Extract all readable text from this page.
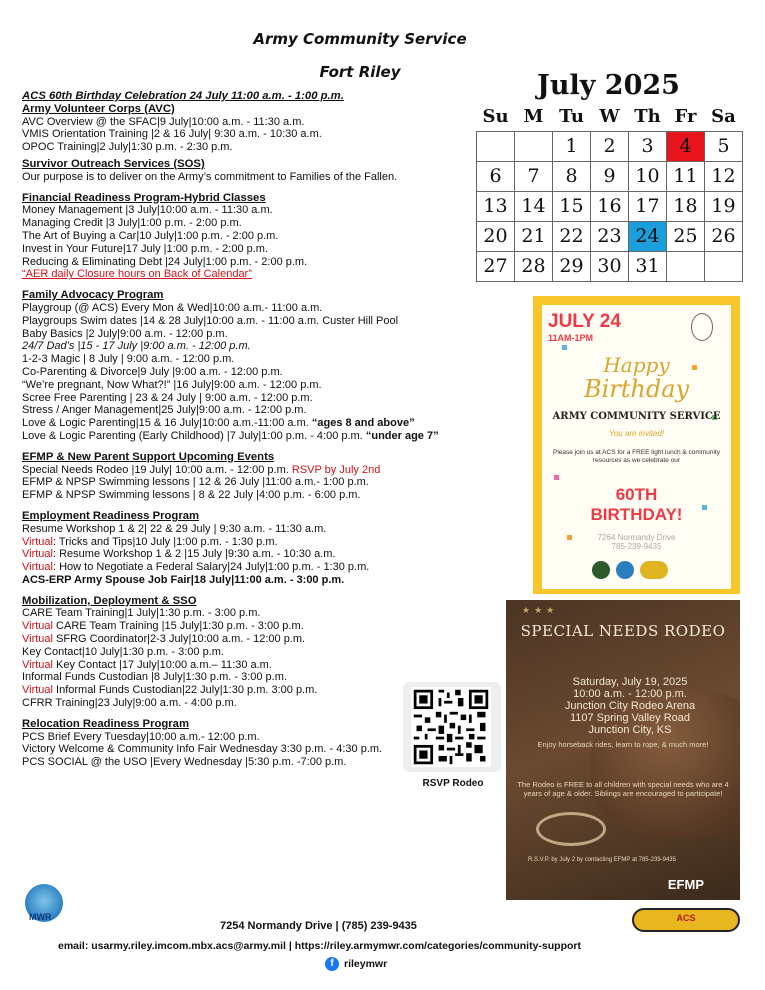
Army Community Service
Fort Riley
ACS 60th Birthday Celebration 24 July 11:00 a.m. - 1:00 p.m.
Army Volunteer Corps (AVC)
AVC Overview @ the SFAC|9 July|10:00 a.m. - 11:30 a.m.
VMIS Orientation Training |2 & 16 July| 9:30 a.m. - 10:30 a.m.
OPOC Training|2 July|1:30 p.m. - 2:30 p.m.
Survivor Outreach Services (SOS)
Our purpose is to deliver on the Army’s commitment to Families of the Fallen.
Financial Readiness Program-Hybrid Classes
Money Management |3 July|10:00 a.m. - 11:30 a.m.
Managing Credit |3 July|1:00 p.m. - 2:00 p.m.
The Art of Buying a Car|10 July|1:00 p.m. - 2:00 p.m.
Invest in Your Future|17 July |1:00 p.m. - 2:00 p.m.
Reducing & Eliminating Debt |24 July|1:00 p.m. - 2:00 p.m.
“AER daily Closure hours on Back of Calendar”
Family Advocacy Program
Playgroup (@ ACS) Every Mon & Wed|10:00 a.m.- 11:00 a.m.
Playgroups Swim dates |14 & 28 July|10:00 a.m. - 11:00 a.m. Custer Hill Pool
Baby Basics |2 July|9:00 a.m. - 12:00 p.m.
24/7 Dad’s |15 - 17 July |9:00 a.m. - 12:00 p.m.
1-2-3 Magic | 8 July | 9:00 a.m. - 12:00 p.m.
Co-Parenting & Divorce|9 July |9:00 a.m. - 12:00 p.m.
“We’re pregnant, Now What?!” |16 July|9:00 a.m. - 12:00 p.m.
Scree Free Parenting | 23 & 24 July | 9:00 a.m. - 12:00 p.m.
Stress / Anger Management|25 July|9:00 a.m. - 12:00 p.m.
Love & Logic Parenting|15 & 16 July|10:00 a.m.-11:00 a.m. “ages 8 and above”
Love & Logic Parenting (Early Childhood) |7 July|1:00 p.m. - 4:00 p.m. “under age 7”
EFMP & New Parent Support Upcoming Events
Special Needs Rodeo |19 July| 10:00 a.m. - 12:00 p.m. RSVP by July 2nd
EFMP & NPSP Swimming lessons | 12 & 26 July |11:00 a.m.- 1:00 p.m.
EFMP & NPSP Swimming lessons | 8 & 22 July |4:00 p.m. - 6:00 p.m.
Employment Readiness Program
Resume Workshop 1 & 2| 22 & 29 July | 9:30 a.m. - 11:30 a.m.
Virtual: Tricks and Tips|10 July |1:00 p.m. - 1:30 p.m.
Virtual: Resume Workshop 1 & 2 |15 July |9:30 a.m. - 10:30 a.m.
Virtual: How to Negotiate a Federal Salary|24 July|1:00 p.m. - 1:30 p.m.
ACS-ERP Army Spouse Job Fair|18 July|11:00 a.m. - 3:00 p.m.
Mobilization, Deployment & SSO
CARE Team Training|1 July|1:30 p.m. - 3:00 p.m.
Virtual CARE Team Training |15 July|1:30 p.m. - 3:00 p.m.
Virtual SFRG Coordinator|2-3 July|10:00 a.m. - 12:00 p.m.
Key Contact|10 July|1:30 p.m. - 3:00 p.m.
Virtual Key Contact |17 July|10:00 a.m.– 11:30 a.m.
Informal Funds Custodian |8 July|1:30 p.m. - 3:00 p.m.
Virtual Informal Funds Custodian|22 July|1:30 p.m. 3:00 p.m.
CFRR Training|23 July|9:00 a.m. - 4:00 p.m.
Relocation Readiness Program
PCS Brief Every Tuesday|10:00 a.m.- 12:00 p.m.
Victory Welcome & Community Info Fair Wednesday 3:30 p.m. - 4:30 p.m.
PCS SOCIAL @ the USO |Every Wednesday |5:30 p.m. -7:00 p.m.
July 2025
Su	M	Tu	W	Th	Fr	Sa
		1	2	3	4	5
6	7	8	9	10	11	12
13	14	15	16	17	18	19
20	21	22	23	24	25	26
27	28	29	30	31		
JULY 24
11AM-1PM
Happy
Birthday
ARMY COMMUNITY SERVICE
You are invited!
Please join us at ACS for a FREE light lunch & community resources as we celebrate our
60TH
BIRTHDAY!
7264 Normandy Drive
785-239-9435
★★★
SPECIAL NEEDS RODEO
Saturday, July 19, 2025
10:00 a.m. - 12:00 p.m.
Junction City Rodeo Arena
1107 Spring Valley Road
Junction City, KS
Enjoy horseback rides, learn to rope, & much more!
The Rodeo is FREE to all children with special needs who are 4 years of age & older. Siblings are encouraged to participate!
R.S.V.P. by July 2 by contacting EFMP at 785-239-9435
EFMP
RSVP Rodeo
MWR	ACS
7254 Normandy Drive | (785) 239-9435
email: usarmy.riley.imcom.mbx.acs@army.mil | https://riley.armymwr.com/categories/community-support
f rileymwr
